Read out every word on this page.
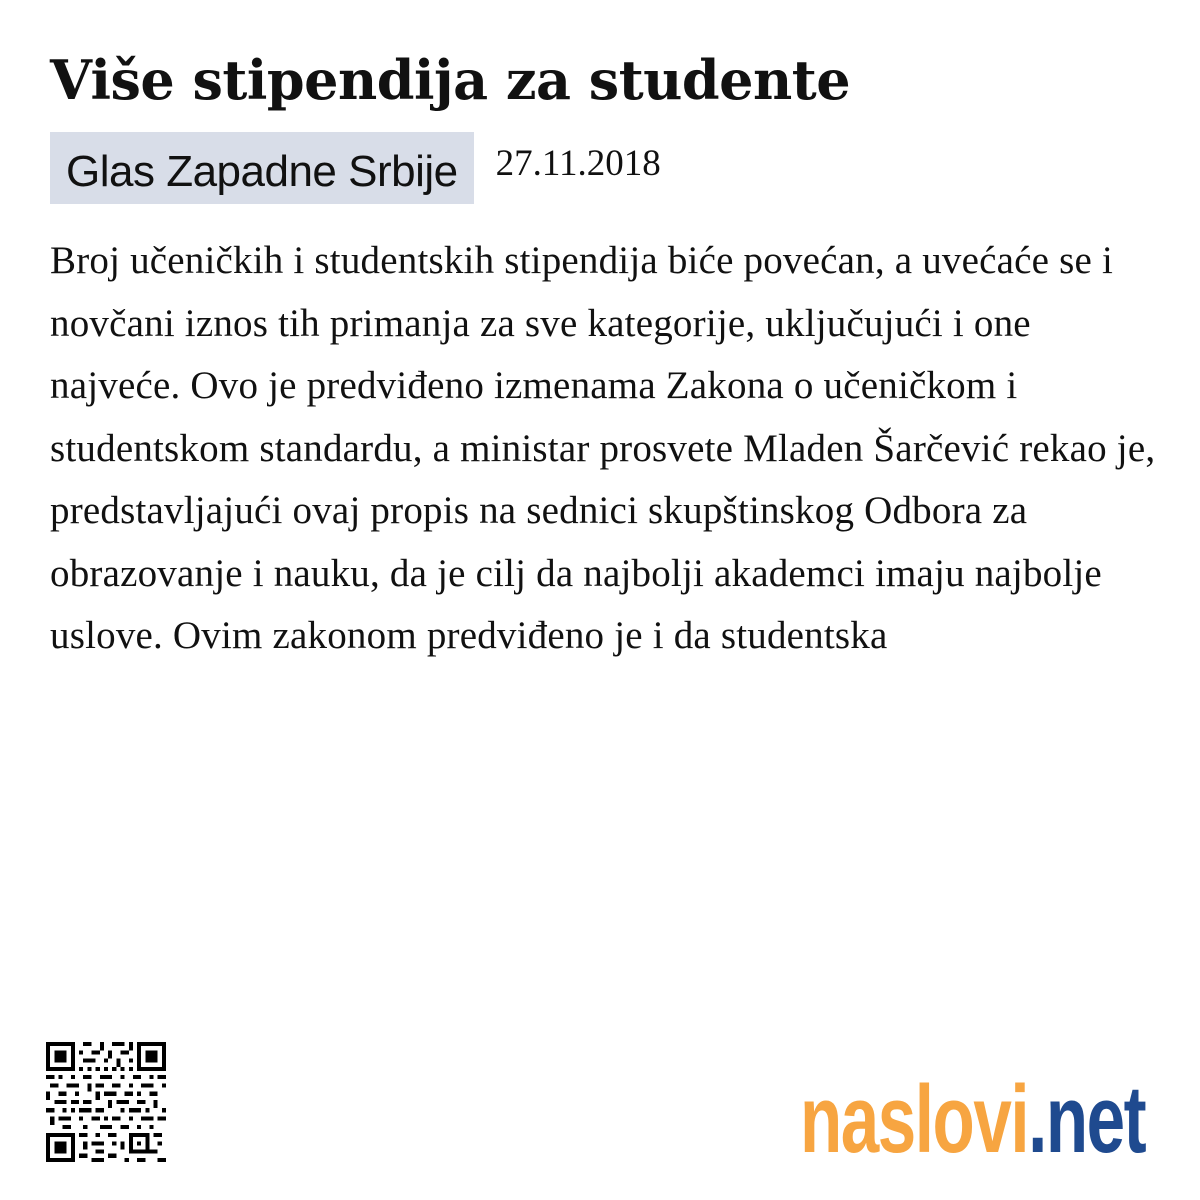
Više stipendija za studente
Glas Zapadne Srbije	27.11.2018

Broj učeničkih i studentskih stipendija biće povećan, a uvećaće se i novčani iznos tih primanja za sve kategorije, uključujući i one najveće. Ovo je predviđeno izmenama Zakona o učeničkom i studentskom standardu, a ministar prosvete Mladen Šarčević rekao je, predstavljajući ovaj propis na sednici skupštinskog Odbora za obrazovanje i nauku, da je cilj da najbolji akademci imaju najbolje uslove. Ovim zakonom predviđeno je i da studentska

naslovi.net
